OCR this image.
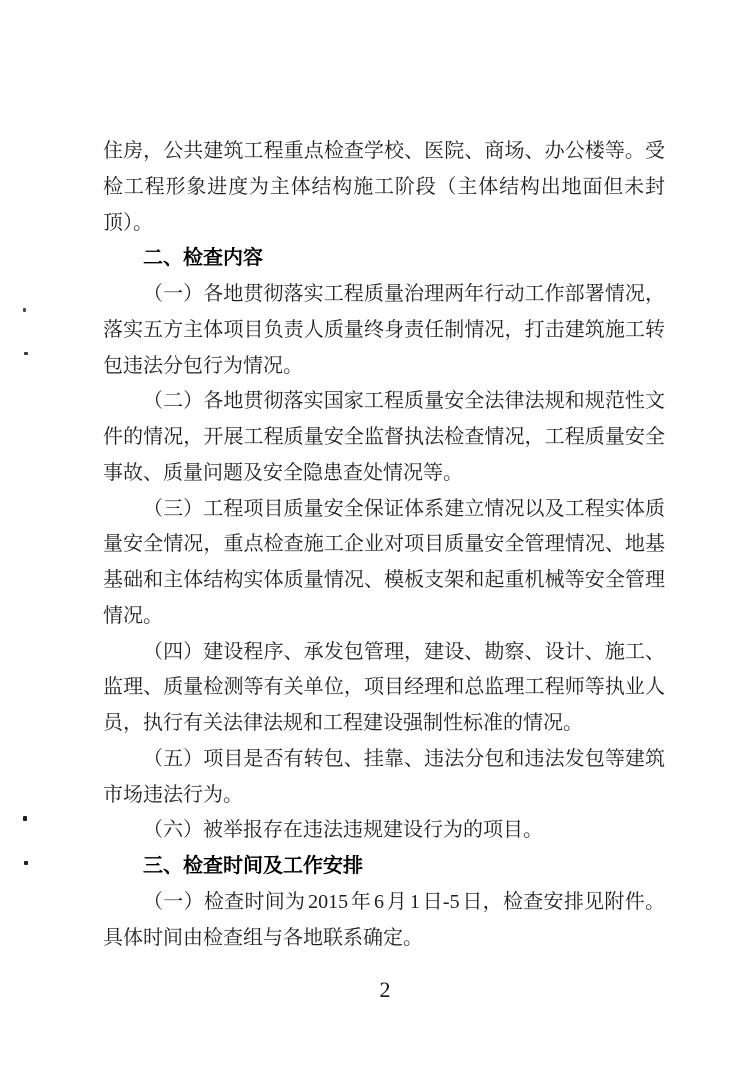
住房，公共建筑工程重点检查学校、医院、商场、办公楼等。受
检工程形象进度为主体结构施工阶段（主体结构出地面但未封
顶）。
二、检查内容
（一）各地贯彻落实工程质量治理两年行动工作部署情况，
落实五方主体项目负责人质量终身责任制情况，打击建筑施工转
包违法分包行为情况。
（二）各地贯彻落实国家工程质量安全法律法规和规范性文
件的情况，开展工程质量安全监督执法检查情况，工程质量安全
事故、质量问题及安全隐患查处情况等。
（三）工程项目质量安全保证体系建立情况以及工程实体质
量安全情况，重点检查施工企业对项目质量安全管理情况、地基
基础和主体结构实体质量情况、模板支架和起重机械等安全管理
情况。
（四）建设程序、承发包管理，建设、勘察、设计、施工、
监理、质量检测等有关单位，项目经理和总监理工程师等执业人
员，执行有关法律法规和工程建设强制性标准的情况。
（五）项目是否有转包、挂靠、违法分包和违法发包等建筑
市场违法行为。
（六）被举报存在违法违规建设行为的项目。
三、检查时间及工作安排
（一）检查时间为 2015 年 6 月 1 日-5 日，检查安排见附件。
具体时间由检查组与各地联系确定。
2
